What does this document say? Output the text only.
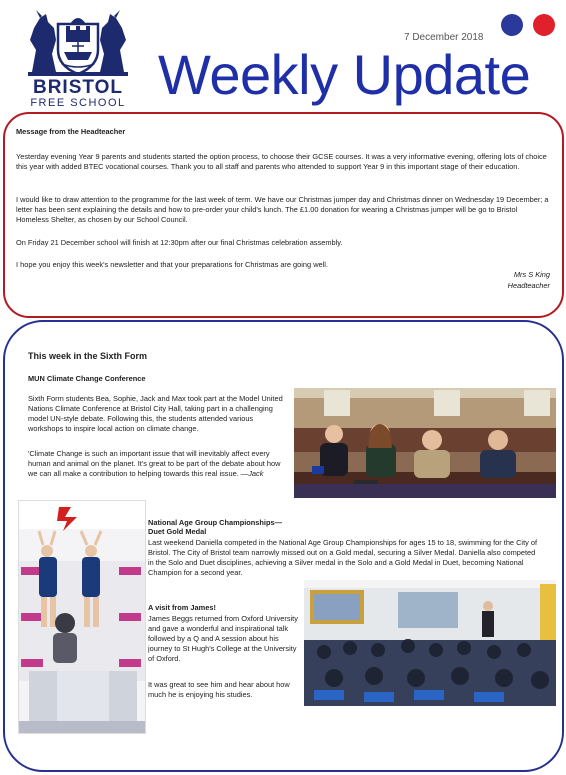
BRISTOL
FREE SCHOOL
7 December 2018
Weekly Update
Message from the Headteacher
Yesterday evening Year 9 parents and students started the option process, to choose their GCSE courses. It was a very informative evening, offering lots of choice this year with added BTEC vocational courses. Thank you to all staff and parents who attended to support Year 9 in this important stage of their education.
I would like to draw attention to the programme for the last week of term. We have our Christmas jumper day and Christmas dinner on Wednesday 19 December; a letter has been sent explaining the details and how to pre-order your child's lunch. The £1.00 donation for wearing a Christmas jumper will be go to Bristol Homeless Shelter, as chosen by our School Council.
On Friday 21 December school will finish at 12:30pm after our final Christmas celebration assembly.
I hope you enjoy this week's newsletter and that your preparations for Christmas are going well.
Mrs S King
Headteacher
This week in the Sixth Form
MUN Climate Change Conference
Sixth Form students Bea, Sophie, Jack and Max took part at the Model United Nations Climate Conference at Bristol City Hall, taking part in a challenging model UN-style debate. Following this, the students attended various workshops to inspire local action on climate change.
'Climate Change is such an important issue that will inevitably affect every human and animal on the planet. It's great to be part of the debate about how we can all make a contribution to helping towards this real issue. —Jack
National Age Group Championships—
Duet Gold Medal
Last weekend Daniella competed in the National Age Group Championships for ages 15 to 18, swimming for the City of Bristol. The City of Bristol team narrowly missed out on a Gold medal, securing a Silver Medal. Daniella also competed in the Solo and Duet disciplines, achieving a Silver medal in the Solo and a Gold Medal in Duet, becoming National Champion for a second year.
A visit from James!
James Beggs returned from Oxford University and gave a wonderful and inspirational talk followed by a Q and A session about his journey to St Hugh's College at the University of Oxford.
It was great to see him and hear about how much he is enjoying his studies.
